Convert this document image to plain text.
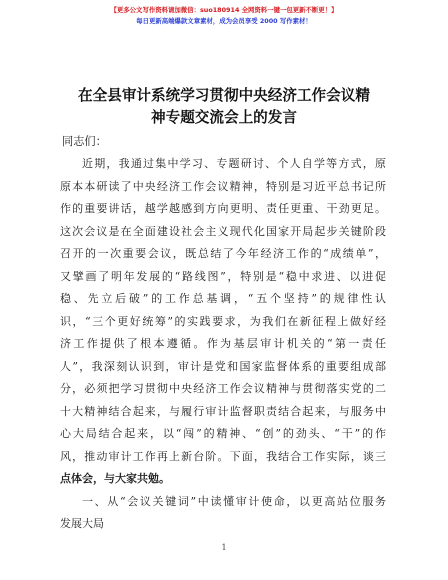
【更多公文写作资料请加微信：suo180914 全网资料一键一包更新不断更！】
每日更新高端爆款文章素材，成为会员享受 2000 写作素材！
在全县审计系统学习贯彻中央经济工作会议精
神专题交流会上的发言
同志们：
近期，我通过集中学习、专题研讨、个人自学等方式，原
原本本研读了中央经济工作会议精神，特别是习近平总书记所
作的重要讲话，越学越感到方向更明、责任更重、干劲更足。
这次会议是在全面建设社会主义现代化国家开局起步关键阶段
召开的一次重要会议，既总结了今年经济工作的“成绩单”，
又擘画了明年发展的“路线图”，特别是“稳中求进、以进促
稳、先立后破”的工作总基调，“五个坚持”的规律性认
识，“三个更好统筹”的实践要求，为我们在新征程上做好经
济工作提供了根本遵循。作为基层审计机关的“第一责任
人”，我深刻认识到，审计是党和国家监督体系的重要组成部
分，必须把学习贯彻中央经济工作会议精神与贯彻落实党的二
十大精神结合起来，与履行审计监督职责结合起来，与服务中
心大局结合起来，以“闯”的精神、“创”的劲头、“干”的作
风，推动审计工作再上新台阶。下面，我结合工作实际，谈三
点体会，与大家共勉。
一、从“会议关键词”中读懂审计使命，以更高站位服务
发展大局
1
